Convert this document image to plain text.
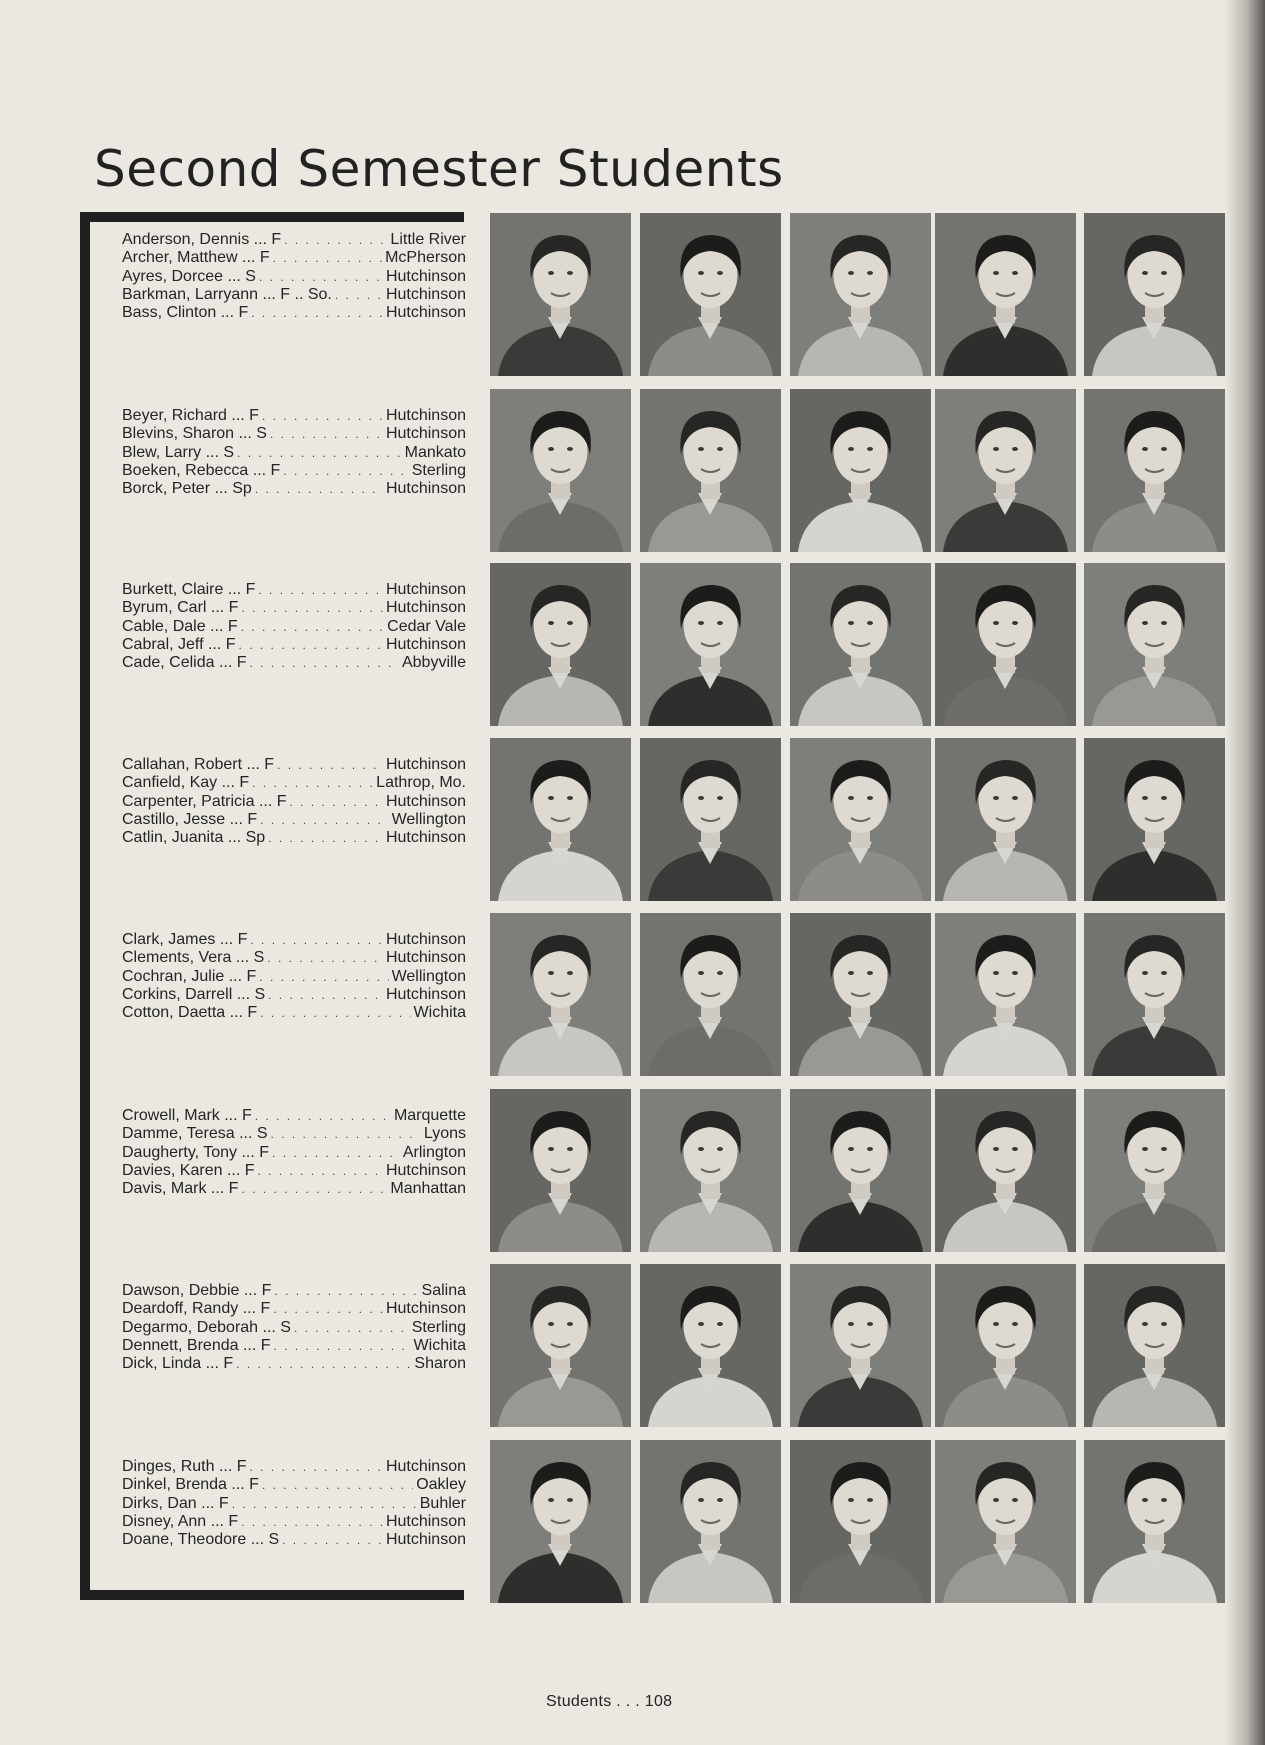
Second Semester Students
Anderson, Dennis ... F . . .	Little River
Archer, Matthew ... F . . .	McPherson
Ayres, Dorcee ... S . . .	Hutchinson
Barkman, Larryann ... F .. So. . . .	Hutchinson
Bass, Clinton ... F . . .	Hutchinson
Beyer, Richard ... F . . .	Hutchinson
Blevins, Sharon ... S . . .	Hutchinson
Blew, Larry ... S . . .	Mankato
Boeken, Rebecca ... F . . .	Sterling
Borck, Peter ... Sp . . .	Hutchinson
Burkett, Claire ... F . . .	Hutchinson
Byrum, Carl ... F . . .	Hutchinson
Cable, Dale ... F . . .	Cedar Vale
Cabral, Jeff ... F . . .	Hutchinson
Cade, Celida ... F . . .	Abbyville
Callahan, Robert ... F . . .	Hutchinson
Canfield, Kay ... F . . .	Lathrop, Mo.
Carpenter, Patricia ... F . . .	Hutchinson
Castillo, Jesse ... F . . .	Wellington
Catlin, Juanita ... Sp . . .	Hutchinson
Clark, James ... F . . .	Hutchinson
Clements, Vera ... S . . .	Hutchinson
Cochran, Julie ... F . . .	Wellington
Corkins, Darrell ... S . . .	Hutchinson
Cotton, Daetta ... F . . .	Wichita
Crowell, Mark ... F . . .	Marquette
Damme, Teresa ... S . . .	Lyons
Daugherty, Tony ... F . . .	Arlington
Davies, Karen ... F . . .	Hutchinson
Davis, Mark ... F . . .	Manhattan
Dawson, Debbie ... F . . .	Salina
Deardoff, Randy ... F . . .	Hutchinson
Degarmo, Deborah ... S . . .	Sterling
Dennett, Brenda ... F . . .	Wichita
Dick, Linda ... F . . .	Sharon
Dinges, Ruth ... F . . .	Hutchinson
Dinkel, Brenda ... F . . .	Oakley
Dirks, Dan ... F . . .	Buhler
Disney, Ann ... F . . .	Hutchinson
Doane, Theodore ... S . . .	Hutchinson
Students . . . 108
